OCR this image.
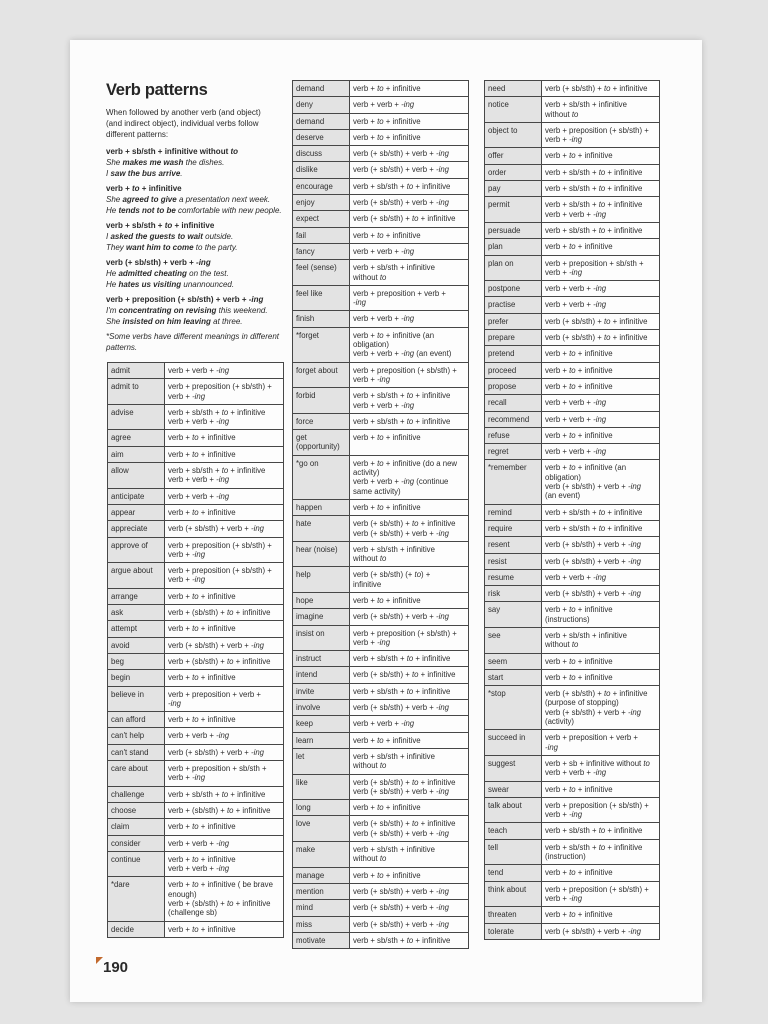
Verb patterns

When followed by another verb (and object) (and indirect object), individual verbs follow different patterns:

verb + sb/sth + infinitive without to
She makes me wash the dishes.
I saw the bus arrive.
verb + to + infinitive
She agreed to give a presentation next week.
He tends not to be comfortable with new people.
verb + sb/sth + to + infinitive
I asked the guests to wait outside.
They want him to come to the party.
verb (+ sb/sth) + verb + -ing
He admitted cheating on the test.
He hates us visiting unannounced.
verb + preposition (+ sb/sth) + verb + -ing
I'm concentrating on revising this weekend.
She insisted on him leaving at three.

*Some verbs have different meanings in different patterns.

admit	verb + verb + -ing

admit to	verb + preposition (+ sb/sth) +
verb + -ing

advise	verb + sb/sth + to + infinitive
verb + verb + -ing

agree	verb + to + infinitive

aim	verb + to + infinitive

allow	verb + sb/sth + to + infinitive
verb + verb + -ing

anticipate	verb + verb + -ing

appear	verb + to + infinitive

appreciate	verb (+ sb/sth) + verb + -ing

approve of	verb + preposition (+ sb/sth) +
verb + -ing

argue about	verb + preposition (+ sb/sth) +
verb + -ing

arrange	verb + to + infinitive

ask	verb + (sb/sth) + to + infinitive

attempt	verb + to + infinitive

avoid	verb (+ sb/sth) + verb + -ing

beg	verb + (sb/sth) + to + infinitive

begin	verb + to + infinitive

believe in	verb + preposition + verb +
-ing

can afford	verb + to + infinitive

can't help	verb + verb + -ing

can't stand	verb (+ sb/sth) + verb + -ing

care about	verb + preposition + sb/sth +
verb + -ing

challenge	verb + sb/sth + to + infinitive

choose	verb + (sb/sth) + to + infinitive

claim	verb + to + infinitive

consider	verb + verb + -ing

continue	verb + to + infinitive
verb + verb + -ing

*dare	verb + to + infinitive ( be brave
enough)
verb + (sb/sth) + to + infinitive
(challenge sb)

decide	verb + to + infinitive
demand	verb + to + infinitive

deny	verb + verb + -ing

demand	verb + to + infinitive

deserve	verb + to + infinitive

discuss	verb (+ sb/sth) + verb + -ing

dislike	verb (+ sb/sth) + verb + -ing

encourage	verb + sb/sth + to + infinitive

enjoy	verb (+ sb/sth) + verb + -ing

expect	verb (+ sb/sth) + to + infinitive

fail	verb + to + infinitive

fancy	verb + verb + -ing

feel (sense)	verb + sb/sth + infinitive
without to

feel like	verb + preposition + verb +
-ing

finish	verb + verb + -ing

*forget	verb + to + infinitive (an
obligation)
verb + verb + -ing (an event)

forget about	verb + preposition (+ sb/sth) +
verb + -ing

forbid	verb + sb/sth + to + infinitive
verb + verb + -ing

force	verb + sb/sth + to + infinitive

get (opportunity)	verb + to + infinitive

*go on	verb + to + infinitive (do a new
activity)
verb + verb + -ing (continue
same activity)

happen	verb + to + infinitive

hate	verb (+ sb/sth) + to + infinitive
verb (+ sb/sth) + verb + -ing

hear (noise)	verb + sb/sth + infinitive
without to

help	verb (+ sb/sth) (+ to) +
infinitive

hope	verb + to + infinitive

imagine	verb (+ sb/sth) + verb + -ing

insist on	verb + preposition (+ sb/sth) +
verb + -ing

instruct	verb + sb/sth + to + infinitive

intend	verb (+ sb/sth) + to + infinitive

invite	verb + sb/sth + to + infinitive

involve	verb (+ sb/sth) + verb + -ing

keep	verb + verb + -ing

learn	verb + to + infinitive

let	verb + sb/sth + infinitive
without to

like	verb (+ sb/sth) + to + infinitive
verb (+ sb/sth) + verb + -ing

long	verb + to + infinitive

love	verb (+ sb/sth) + to + infinitive
verb (+ sb/sth) + verb + -ing

make	verb + sb/sth + infinitive
without to

manage	verb + to + infinitive

mention	verb (+ sb/sth) + verb + -ing

mind	verb (+ sb/sth) + verb + -ing

miss	verb (+ sb/sth) + verb + -ing

motivate	verb + sb/sth + to + infinitive
need	verb (+ sb/sth) + to + infinitive

notice	verb + sb/sth + infinitive
without to

object to	verb + preposition (+ sb/sth) +
verb + -ing

offer	verb + to + infinitive

order	verb + sb/sth + to + infinitive

pay	verb + sb/sth + to + infinitive

permit	verb + sb/sth + to + infinitive
verb + verb + -ing

persuade	verb + sb/sth + to + infinitive

plan	verb + to + infinitive

plan on	verb + preposition + sb/sth +
verb + -ing

postpone	verb + verb + -ing

practise	verb + verb + -ing

prefer	verb (+ sb/sth) + to + infinitive

prepare	verb (+ sb/sth) + to + infinitive

pretend	verb + to + infinitive

proceed	verb + to + infinitive

propose	verb + to + infinitive

recall	verb + verb + -ing

recommend	verb + verb + -ing

refuse	verb + to + infinitive

regret	verb + verb + -ing

*remember	verb + to + infinitive (an
obligation)
verb (+ sb/sth) + verb + -ing
(an event)

remind	verb + sb/sth + to + infinitive

require	verb + sb/sth + to + infinitive

resent	verb (+ sb/sth) + verb + -ing

resist	verb (+ sb/sth) + verb + -ing

resume	verb + verb + -ing

risk	verb (+ sb/sth) + verb + -ing

say	verb + to + infinitive
(instructions)

see	verb + sb/sth + infinitive
without to

seem	verb + to + infinitive

start	verb + to + infinitive

*stop	verb (+ sb/sth) + to + infinitive
(purpose of stopping)
verb (+ sb/sth) + verb + -ing
(activity)

succeed in	verb + preposition + verb +
-ing

suggest	verb + sb + infinitive without to
verb + verb + -ing

swear	verb + to + infinitive

talk about	verb + preposition (+ sb/sth) +
verb + -ing

teach	verb + sb/sth + to + infinitive

tell	verb + sb/sth + to + infinitive
(instruction)

tend	verb + to + infinitive

think about	verb + preposition (+ sb/sth) +
verb + -ing

threaten	verb + to + infinitive

tolerate	verb (+ sb/sth) + verb + -ing
190
